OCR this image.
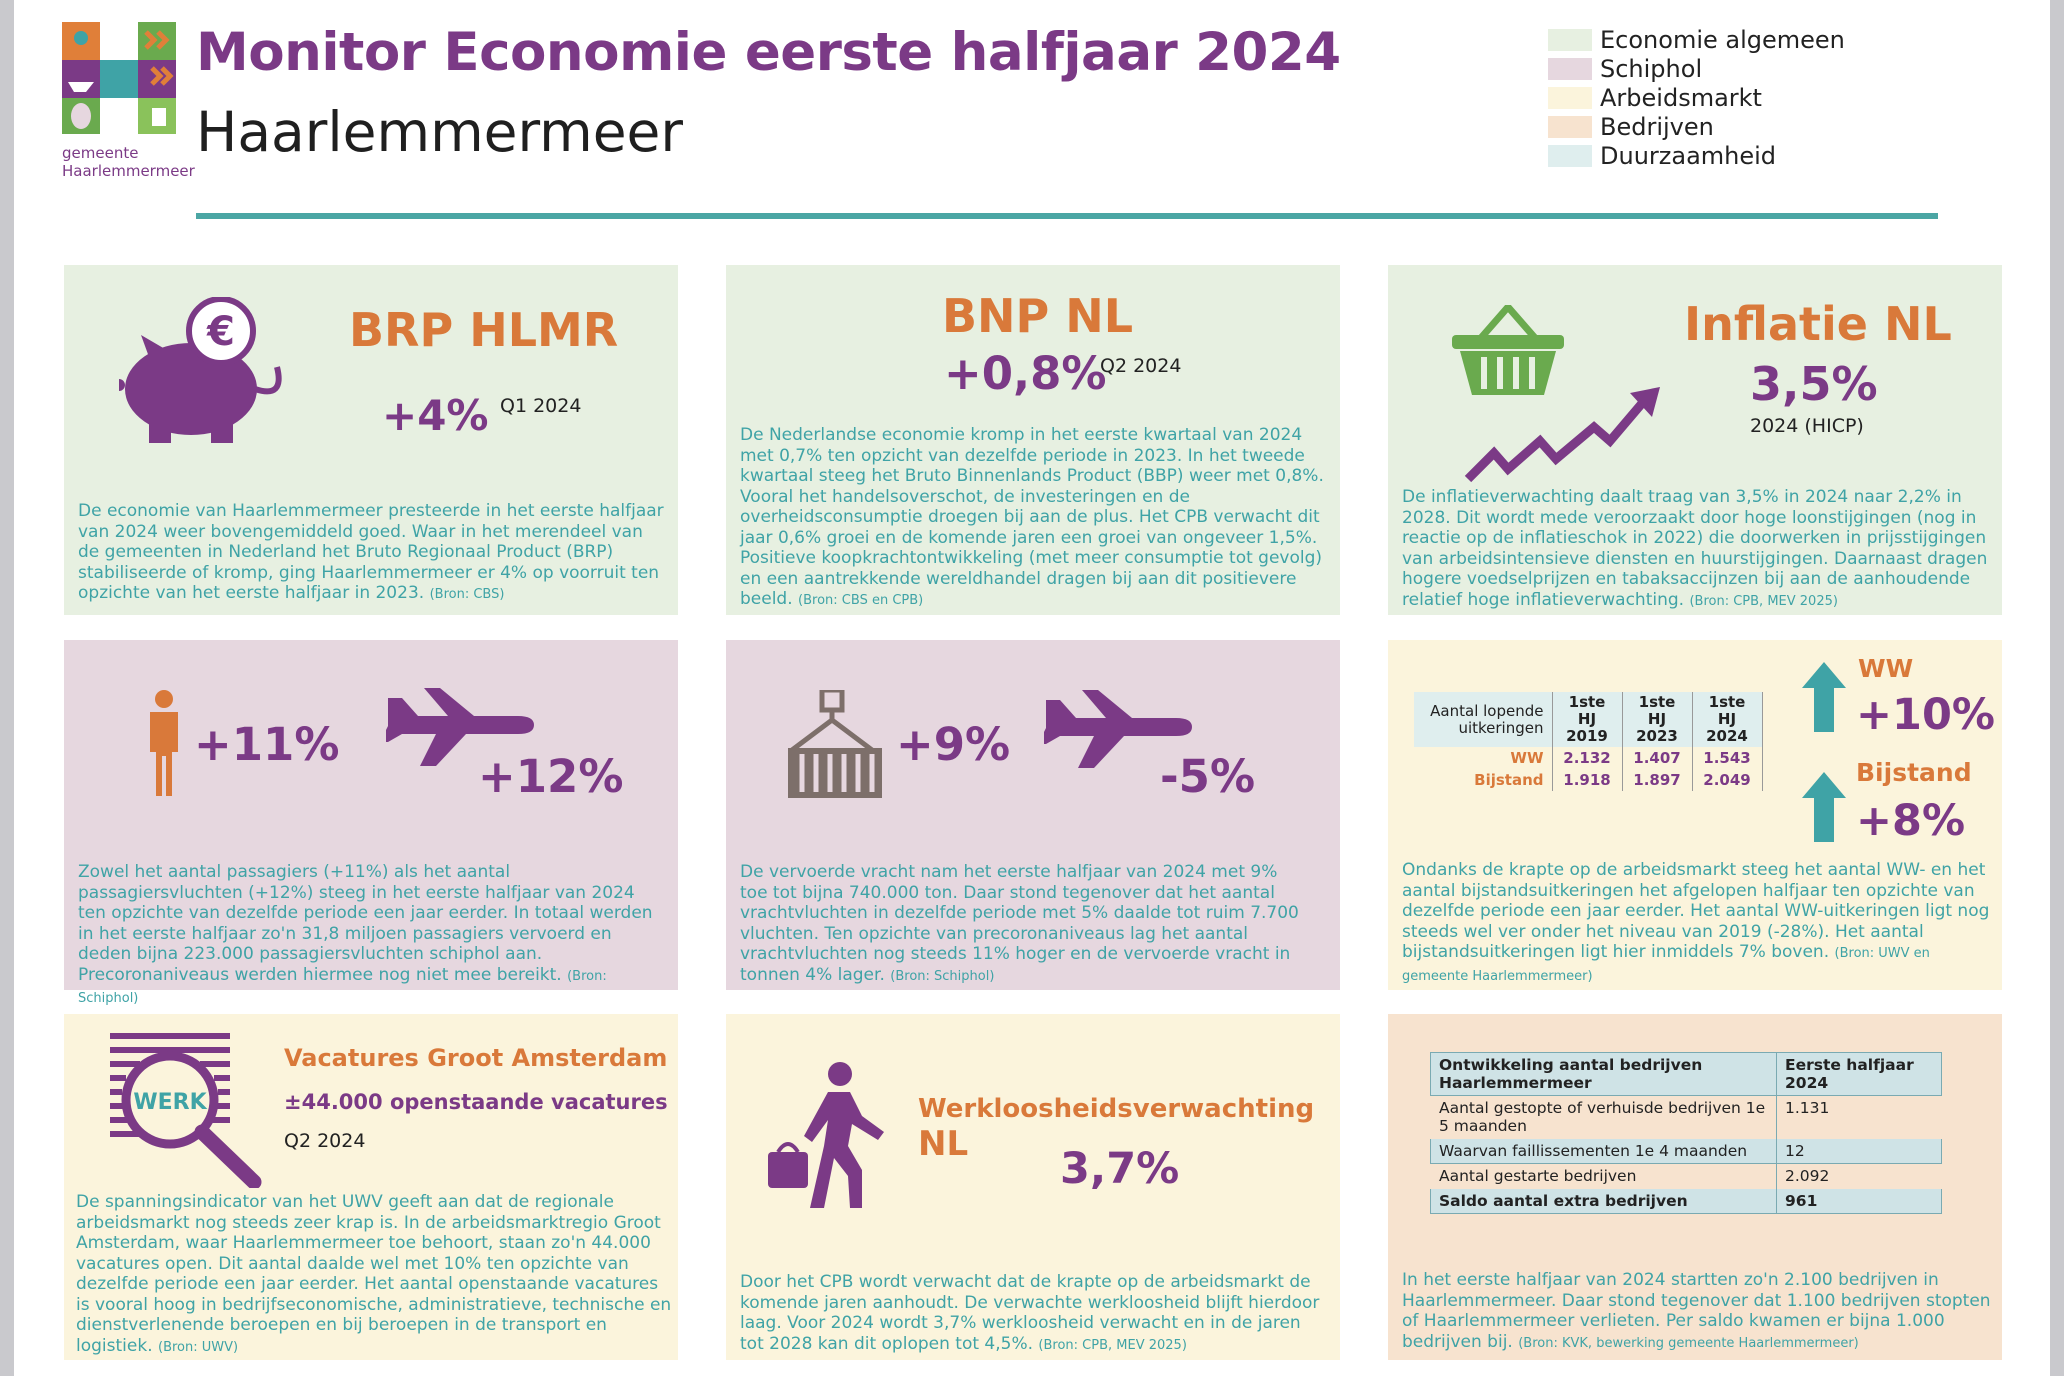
gemeente
Haarlemmermeer
Monitor Economie eerste halfjaar 2024
Haarlemmermeer
Economie algemeen
Schiphol
Arbeidsmarkt
Bedrijven
Duurzaamheid
€ BRP HLMR
+4% Q1 2024
De economie van Haarlemmermeer presteerde in het eerste halfjaar van 2024 weer bovengemiddeld goed. Waar in het merendeel van de gemeenten in Nederland het Bruto Regionaal Product (BRP) stabiliseerde of kromp, ging Haarlemmermeer er 4% op voorruit ten opzichte van het eerste halfjaar in 2023. (Bron: CBS)
BNP NL
+0,8%
Q2 2024
De Nederlandse economie kromp in het eerste kwartaal van 2024 met 0,7% ten opzicht van dezelfde periode in 2023. In het tweede kwartaal steeg het Bruto Binnenlands Product (BBP) weer met 0,8%. Vooral het handelsoverschot, de investeringen en de overheidsconsumptie droegen bij aan de plus. Het CPB verwacht dit jaar 0,6% groei en de komende jaren een groei van ongeveer 1,5%. Positieve koopkrachtontwikkeling (met meer consumptie tot gevolg) en een aantrekkende wereldhandel dragen bij aan dit positievere beeld. (Bron: CBS en CPB)
Inflatie NL
3,5%
2024 (HICP)
De inflatieverwachting daalt traag van 3,5% in 2024 naar 2,2% in 2028. Dit wordt mede veroorzaakt door hoge loonstijgingen (nog in reactie op de inflatieschok in 2022) die doorwerken in prijsstijgingen van arbeidsintensieve diensten en huurstijgingen. Daarnaast dragen hogere voedselprijzen en tabaksaccijnzen bij aan de aanhoudende relatief hoge inflatieverwachting. (Bron: CPB, MEV 2025)
+11%
+12%
Zowel het aantal passagiers (+11%) als het aantal passagiersvluchten (+12%) steeg in het eerste halfjaar van 2024 ten opzichte van dezelfde periode een jaar eerder. In totaal werden in het eerste halfjaar zo'n 31,8 miljoen passagiers vervoerd en deden bijna 223.000 passagiersvluchten schiphol aan. Precoronaniveaus werden hiermee nog niet mee bereikt. (Bron: Schiphol)
+9%
-5%
De vervoerde vracht nam het eerste halfjaar van 2024 met 9% toe tot bijna 740.000 ton. Daar stond tegenover dat het aantal vrachtvluchten in dezelfde periode met 5% daalde tot ruim 7.700 vluchten. Ten opzichte van precoronaniveaus lag het aantal vrachtvluchten nog steeds 11% hoger en de vervoerde vracht in tonnen 4% lager. (Bron: Schiphol)
Aantal lopende uitkeringen	1ste HJ 2019	1ste HJ 2023	1ste HJ 2024
WW	2.132	1.407	1.543
Bijstand	1.918	1.897	2.049
WW
+10%
Bijstand
+8%
Ondanks de krapte op de arbeidsmarkt steeg het aantal WW- en het aantal bijstandsuitkeringen het afgelopen halfjaar ten opzichte van dezelfde periode een jaar eerder. Het aantal WW-uitkeringen ligt nog steeds wel ver onder het niveau van 2019 (-28%). Het aantal bijstandsuitkeringen ligt hier inmiddels 7% boven. (Bron: UWV en gemeente Haarlemmermeer)
WERK
Vacatures Groot Amsterdam
±44.000 openstaande vacatures
Q2 2024
De spanningsindicator van het UWV geeft aan dat de regionale arbeidsmarkt nog steeds zeer krap is. In de arbeidsmarktregio Groot Amsterdam, waar Haarlemmermeer toe behoort, staan zo'n 44.000 vacatures open. Dit aantal daalde wel met 10% ten opzichte van dezelfde periode een jaar eerder. Het aantal openstaande vacatures is vooral hoog in bedrijfseconomische, administratieve, technische en dienstverlenende beroepen en bij beroepen in de transport en logistiek. (Bron: UWV)
Werkloosheidsverwachting NL	3,7%
Door het CPB wordt verwacht dat de krapte op de arbeidsmarkt de komende jaren aanhoudt. De verwachte werkloosheid blijft hierdoor laag. Voor 2024 wordt 3,7% werkloosheid verwacht en in de jaren tot 2028 kan dit oplopen tot 4,5%. (Bron: CPB, MEV 2025)
Ontwikkeling aantal bedrijven Haarlemmermeer	Eerste halfjaar 2024
Aantal gestopte of verhuisde bedrijven 1e 5 maanden	1.131
Waarvan faillissementen 1e 4 maanden	12
Aantal gestarte bedrijven	2.092
Saldo aantal extra bedrijven	961
In het eerste halfjaar van 2024 startten zo'n 2.100 bedrijven in Haarlemmermeer. Daar stond tegenover dat 1.100 bedrijven stopten of Haarlemmermeer verlieten. Per saldo kwamen er bijna 1.000 bedrijven bij. (Bron: KVK, bewerking gemeente Haarlemmermeer)
